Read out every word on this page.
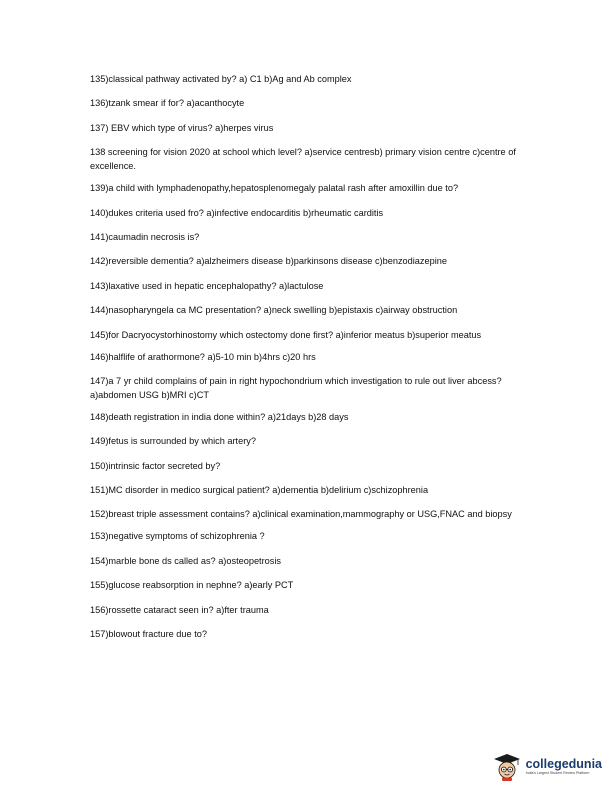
135)classical pathway activated by? a) C1 b)Ag and Ab complex

136)tzank smear if for? a)acanthocyte

137) EBV which type of virus? a)herpes virus

138 screening for vision 2020 at school which level? a)service centresb) primary vision centre c)centre of excellence.

139)a child with lymphadenopathy,hepatosplenomegaly palatal rash after amoxillin due to?

140)dukes criteria used fro? a)infective endocarditis b)rheumatic carditis

141)caumadin necrosis is?

142)reversible dementia? a)alzheimers disease b)parkinsons disease c)benzodiazepine

143)laxative used in hepatic encephalopathy? a)lactulose

144)nasopharyngela ca MC presentation? a)neck swelling b)epistaxis c)airway obstruction

145)for Dacryocystorhinostomy which ostectomy done first? a)inferior meatus b)superior meatus

146)halflife of arathormone? a)5-10 min b)4hrs c)20 hrs

147)a 7 yr child complains of pain in right hypochondrium which investigation to rule out liver abcess? a)abdomen USG b)MRI c)CT

148)death registration in india done within? a)21days b)28 days

149)fetus is surrounded by which artery?

150)intrinsic factor secreted by?

151)MC disorder in medico surgical patient? a)dementia b)delirium c)schizophrenia

152)breast triple assessment contains? a)clinical examination,mammography or USG,FNAC and biopsy

153)negative symptoms of schizophrenia ?

154)marble bone ds called as? a)osteopetrosis

155)glucose reabsorption in nephne? a)early PCT

156)rossette cataract seen in? a)fter trauma

157)blowout fracture due to?

collegedunia
India's Largest Student Review Platform
